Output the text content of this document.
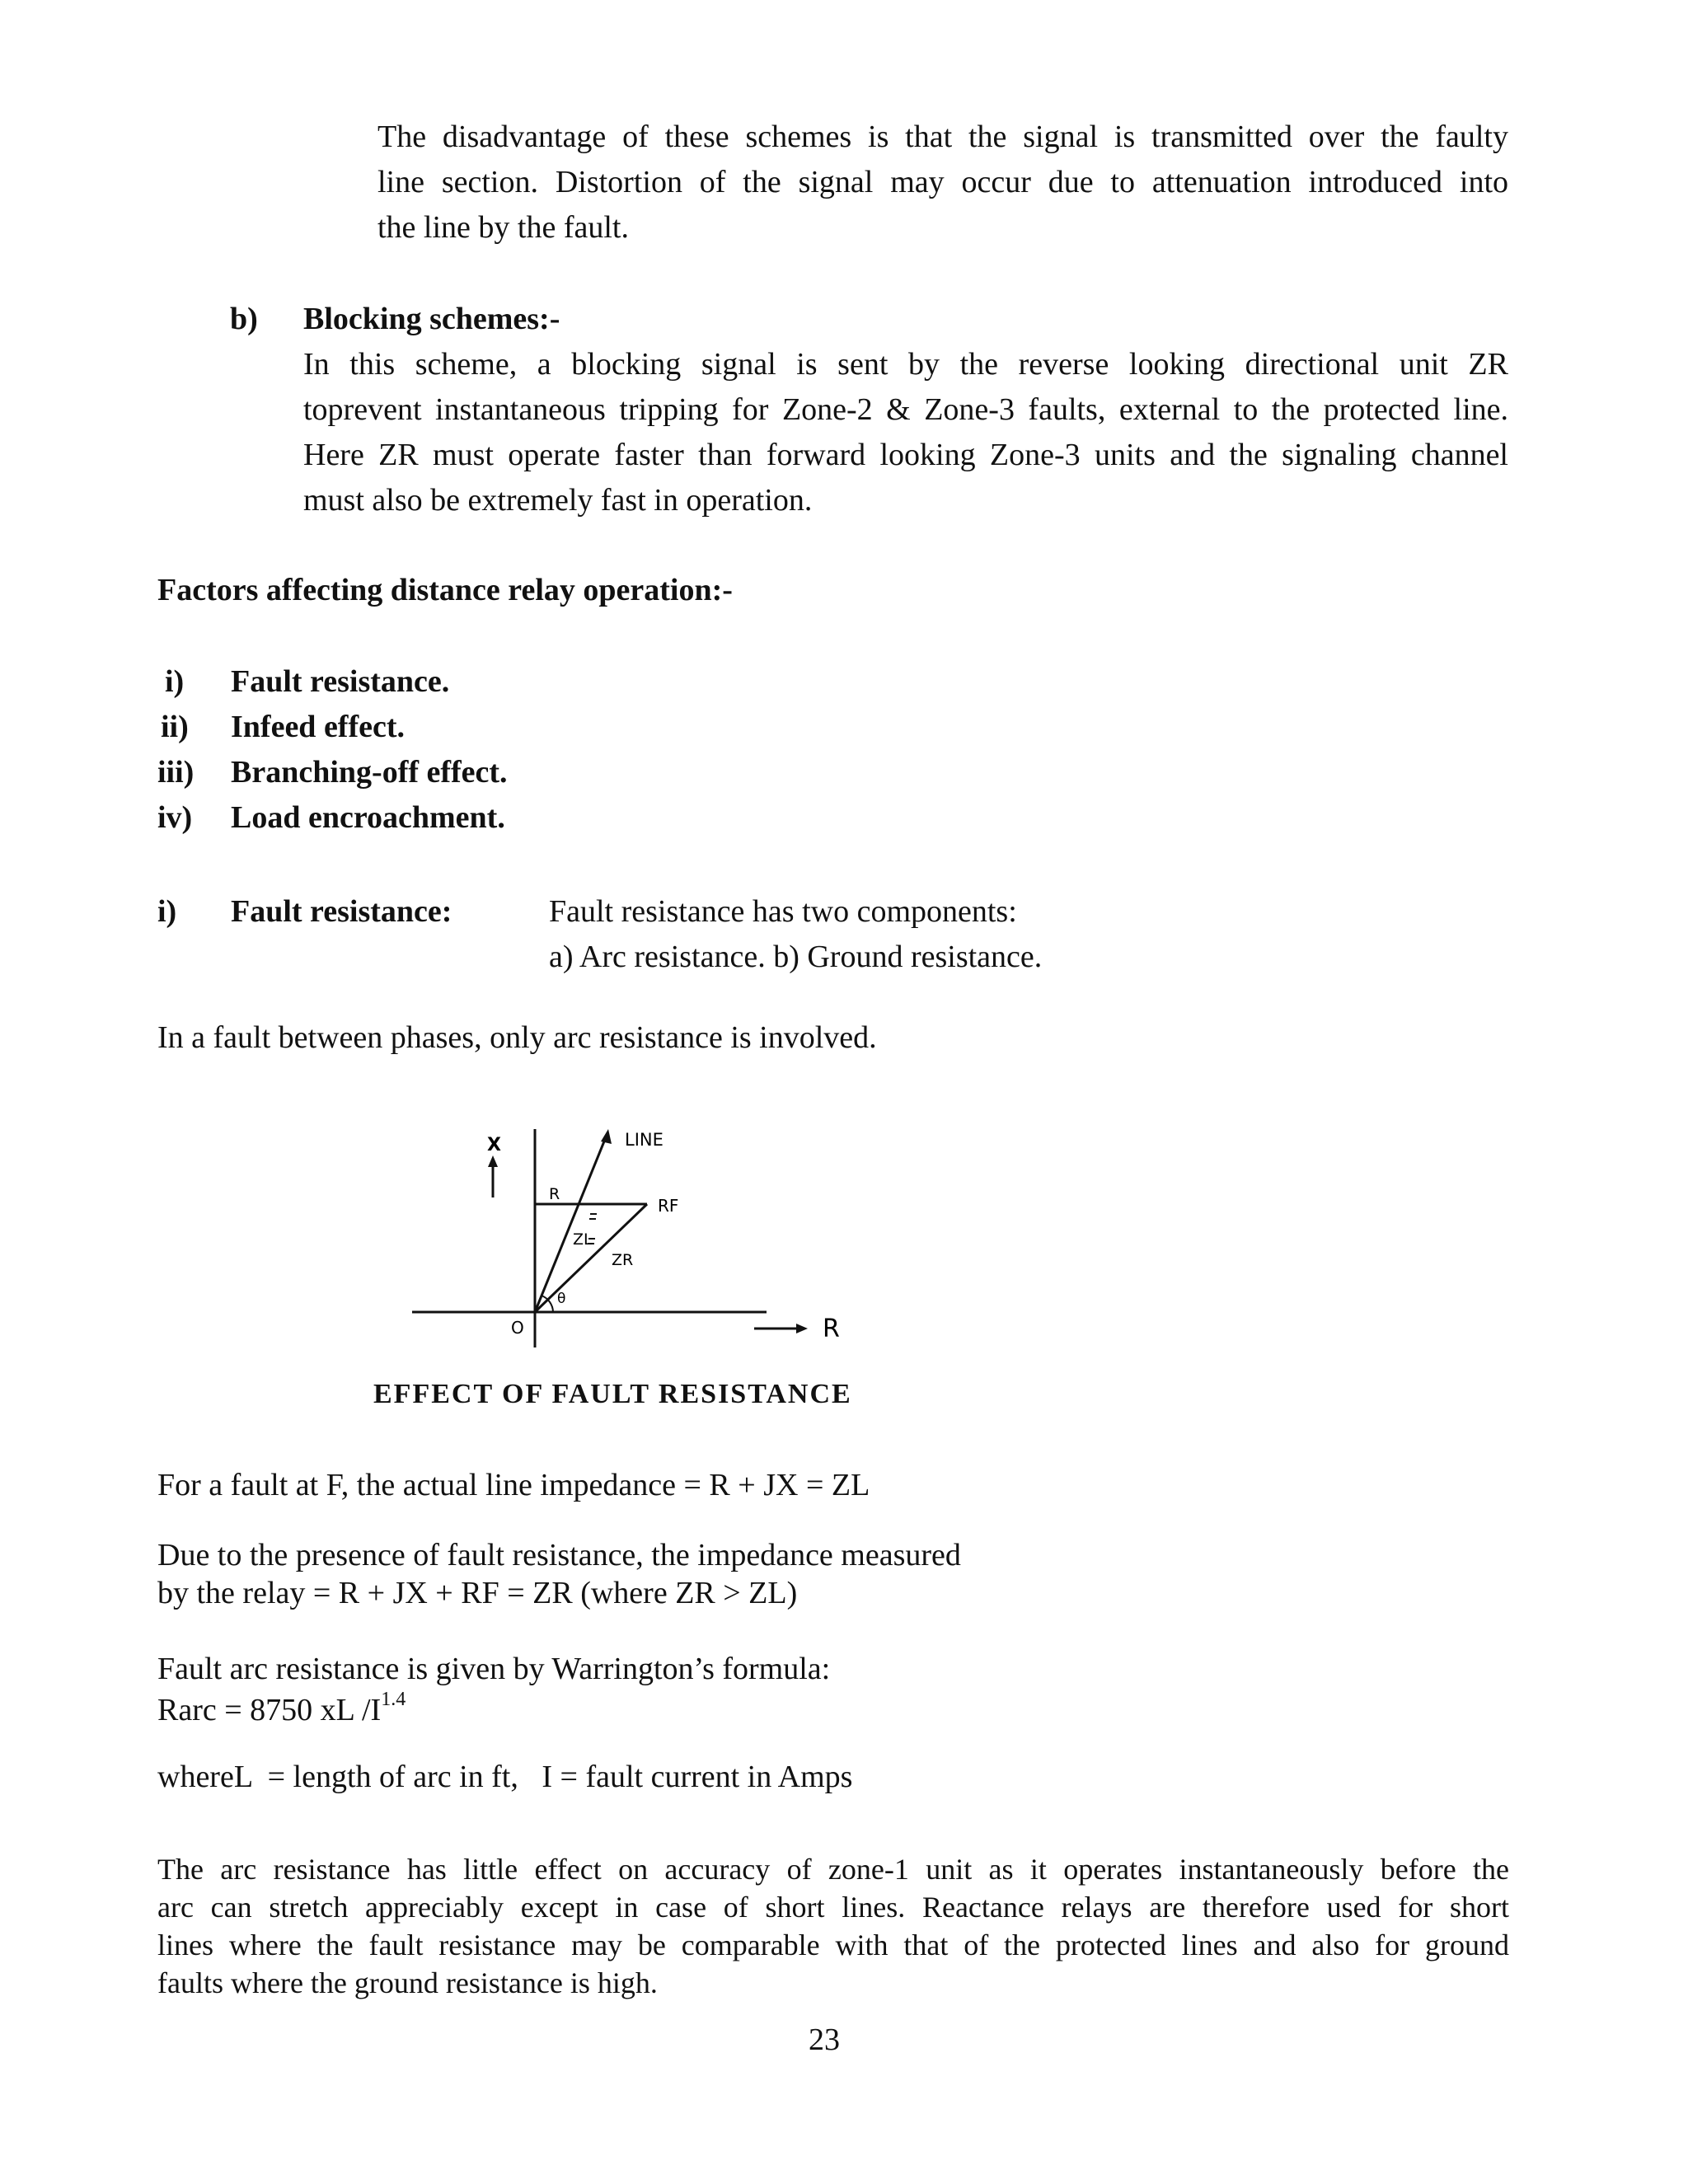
The disadvantage of these schemes is that the signal is transmitted over the faulty
line section. Distortion of the signal may occur due to attenuation introduced into
the line by the fault.
b) Blocking schemes:-
In this scheme, a blocking signal is sent by the reverse looking directional unit ZR
toprevent instantaneous tripping for Zone-2 & Zone-3 faults, external to the protected line.
Here ZR must operate faster than forward looking Zone-3 units and the signaling channel
must also be extremely fast in operation.
Factors affecting distance relay operation:-
i) Fault resistance.
ii) Infeed effect.
iii) Branching-off effect.
iv) Load encroachment.
i) Fault resistance:	Fault resistance has two components:
a) Arc resistance. b) Ground resistance.
In a fault between phases, only arc resistance is involved.
X
R
O
LINE
R
RF
ZL
ZR
θ
EFFECT OF FAULT RESISTANCE
For a fault at F, the actual line impedance = R + JX = ZL
Due to the presence of fault resistance, the impedance measured
by the relay = R + JX + RF = ZR (where ZR > ZL)
Fault arc resistance is given by Warrington’s formula:
Rarc = 8750 xL $/I^{1.4}$
whereL  = length of arc in ft,   I = fault current in Amps
The arc resistance has little effect on accuracy of zone-1 unit as it operates instantaneously before the
arc can stretch appreciably except in case of short lines. Reactance relays are therefore used for short
lines where the fault resistance may be comparable with that of the protected lines and also for ground
faults where the ground resistance is high.
23
